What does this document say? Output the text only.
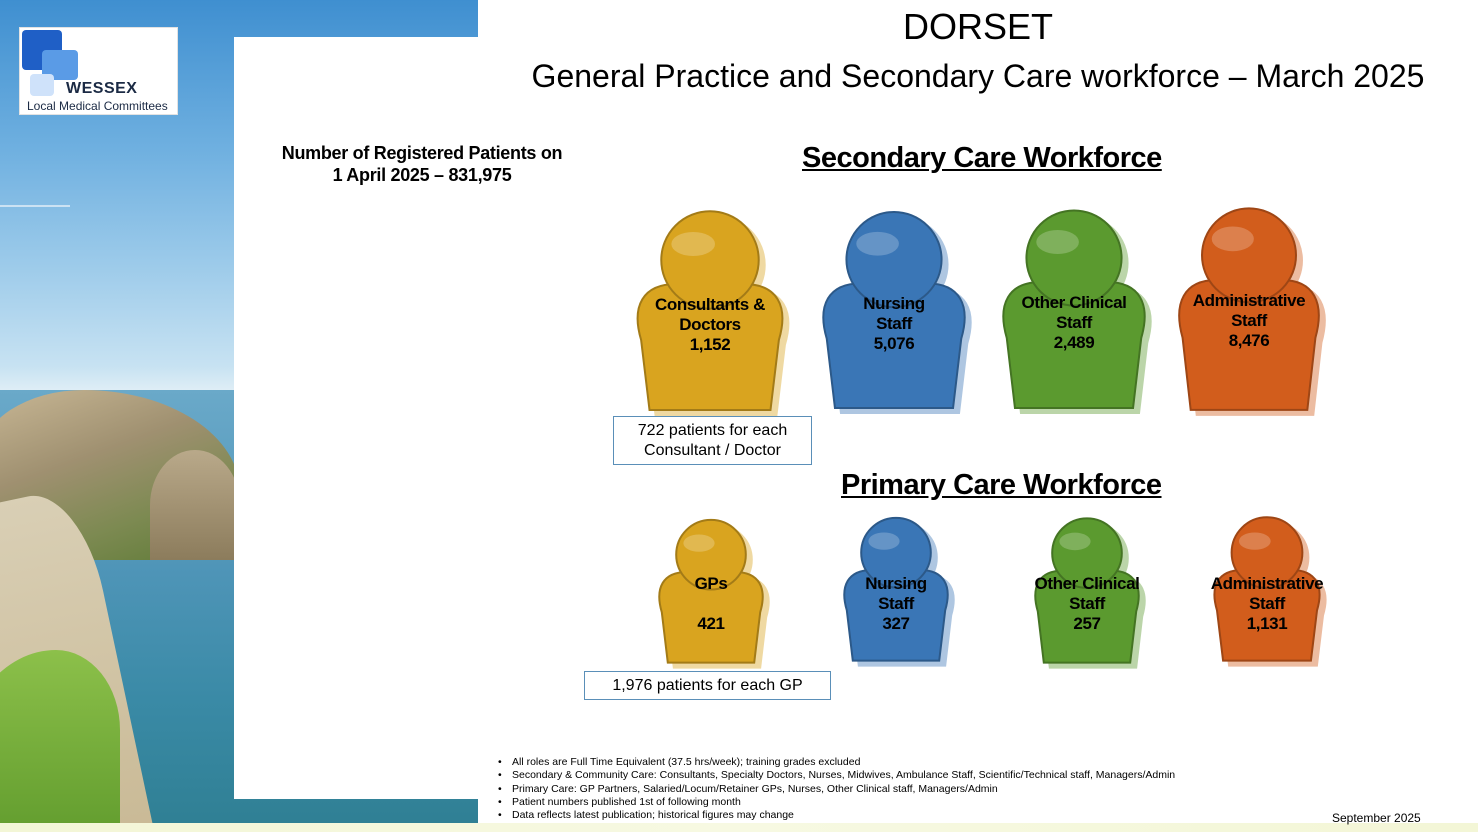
WESSEX
Local Medical Committees
DORSET
General Practice and Secondary Care workforce – March 2025
Number of Registered Patients on
1 April 2025 – 831,975
Secondary Care Workforce
Consultants &
Doctors
1,152
Nursing
Staff
5,076
Other Clinical
Staff
2,489
Administrative
Staff
8,476
722 patients for each
Consultant / Doctor
Primary Care Workforce
GPs
421
Nursing
Staff
327
Other Clinical
Staff
257
Administrative
Staff
1,131
1,976 patients for each GP
• All roles are Full Time Equivalent (37.5 hrs/week); training grades excluded
• Secondary & Community Care: Consultants, Specialty Doctors, Nurses, Midwives, Ambulance Staff, Scientific/Technical staff, Managers/Admin
• Primary Care: GP Partners, Salaried/Locum/Retainer GPs, Nurses, Other Clinical staff, Managers/Admin
• Patient numbers published 1st of following month
• Data reflects latest publication; historical figures may change	September 2025
